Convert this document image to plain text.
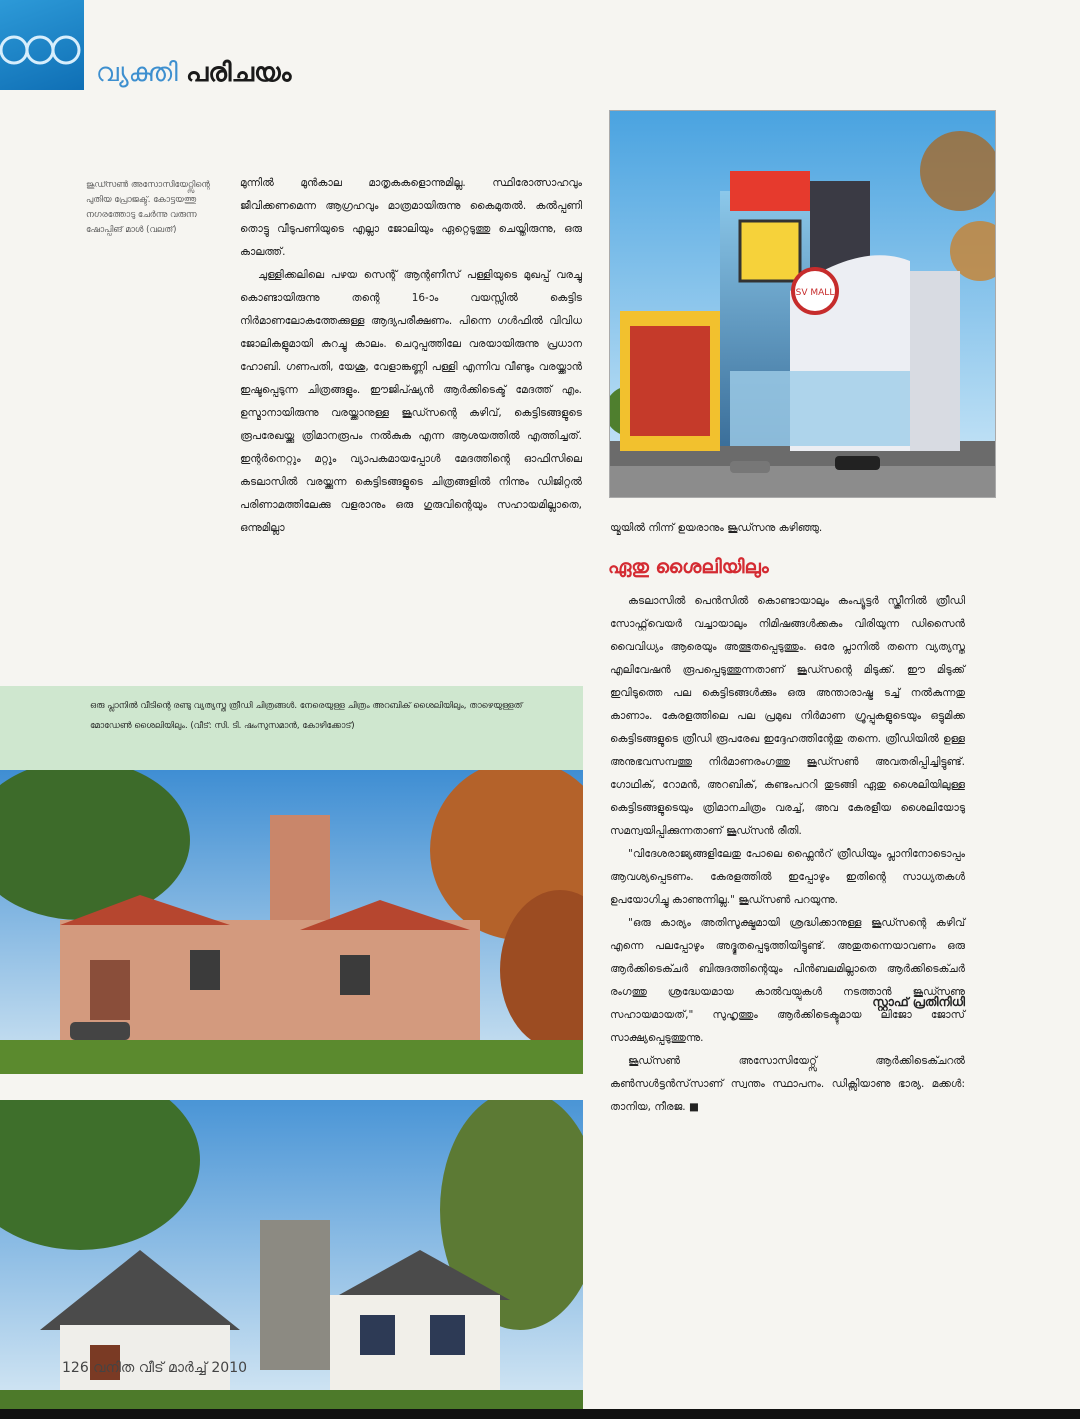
വ്യക്തി പരിചയം
ജൂഡ്സൺ അസോസിയേറ്റ്സിന്റെ പുതിയ പ്രോജക്ട്. കോട്ടയത്തു നഗരത്തോടു ചേർന്നു വരുന്ന ഷോപ്പിങ് മാൾ (വലത്)

മുന്നിൽ മുൻകാല മാതൃകകളൊന്നുമില്ല. സ്ഥിരോത്സാഹവും ജീവിക്കണമെന്ന ആഗ്രഹവും മാത്രമായിരുന്നു കൈമുതൽ. കൽപ്പണി തൊട്ടു വീടുപണിയുടെ എല്ലാ ജോലിയും ഏറ്റെടുത്തു ചെയ്തിരുന്നു, ഒരു കാലത്ത്.

ചുള്ളിക്കലിലെ പഴയ സെന്റ് ആന്റണീസ് പള്ളിയുടെ മുഖപ്പ് വരച്ചു കൊണ്ടായിരുന്നു തന്റെ 16-ാം വയസ്സിൽ കെട്ടിട നിർമാണലോകത്തേക്കുള്ള ആദ്യപരീക്ഷണം. പിന്നെ ഗൾഫിൽ വിവിധ ജോലികളുമായി കുറച്ചു കാലം. ചെറുപ്പത്തിലേ വരയായിരുന്നു പ്രധാന ഹോബി. ഗണപതി, യേശു, വേളാങ്കണ്ണി പള്ളി എന്നിവ വീണ്ടും വരയ്ക്കാൻ ഇഷ്ടപ്പെടുന്ന ചിത്രങ്ങളും. ഈജിപ്ഷ്യൻ ആർക്കിടെക്ട് മേദത്ത് എം. ഉസ്മാനായിരുന്നു വരയ്ക്കാനുള്ള ജൂഡ്സന്റെ കഴിവ്, കെട്ടിടങ്ങളുടെ രൂപരേഖയ്ക്കു ത്രിമാനരൂപം നൽകുക എന്ന ആശയത്തിൽ എത്തിച്ചത്. ഇന്റർനെറ്റും മറ്റും വ്യാപകമായപ്പോൾ മേദത്തിന്റെ ഓഫിസിലെ കടലാസിൽ വരയ്ക്കുന്ന കെട്ടിടങ്ങളുടെ ചിത്രങ്ങളിൽ നിന്നും ഡിജിറ്റൽ പരിണാമത്തിലേക്കു വളരാനും ഒരു ഗുരുവിന്റെയും സഹായമില്ലാതെ, ഒന്നുമില്ലാ

SV MALL

യ്മയിൽ നിന്ന് ഉയരാനും ജൂഡ്സനു കഴിഞ്ഞു.

ഏതു ശൈലിയിലും

കടലാസിൽ പെൻസിൽ കൊണ്ടായാലും കംപ്യൂട്ടർ സ്ക്രീനിൽ ത്രീഡി സോഫ്റ്റ്‌വെയർ വച്ചായാലും നിമിഷങ്ങൾക്കകം വിരിയുന്ന ഡിസൈൻ വൈവിധ്യം ആരെയും അത്ഭുതപ്പെടുത്തും. ഒരേ പ്ലാനിൽ തന്നെ വ്യത്യസ്ത എലിവേഷൻ രൂപപ്പെടുത്തുന്നതാണ് ജൂഡ്സന്റെ മിടുക്ക്. ഈ മിടുക്ക് ഇവിടുത്തെ പല കെട്ടിടങ്ങൾക്കും ഒരു അന്താരാഷ്ട്ര ടച്ച് നൽകുന്നതു കാണാം. കേരളത്തിലെ പല പ്രമുഖ നിർമാണ ഗ്രൂപ്പുകളുടെയും ഒട്ടുമിക്ക കെട്ടിടങ്ങളുടെ ത്രീഡി രൂപരേഖ ഇദ്ദേഹത്തിന്റേതു തന്നെ. ത്രീഡിയിൽ ഉള്ള അനുഭവസമ്പത്തു നിർമാണരംഗത്തു ജൂഡ്സൺ അവതരിപ്പിച്ചിട്ടുണ്ട്. ഗോഥിക്, റോമൻ, അറബിക്, കണ്ടംപററി തുടങ്ങി ഏതു ശൈലിയിലുള്ള കെട്ടിടങ്ങളുടെയും ത്രിമാനചിത്രം വരച്ച്, അവ കേരളീയ ശൈലിയോടു സമന്വയിപ്പിക്കുന്നതാണ് ജൂഡ്സൻ രീതി.

"വിദേശരാജ്യങ്ങളിലേതു പോലെ ഫ്ലൈൻറ് ത്രീഡിയും പ്ലാനിനോടൊപ്പം ആവശ്യപ്പെടണം. കേരളത്തിൽ ഇപ്പോഴും ഇതിന്റെ സാധ്യതകൾ ഉപയോഗിച്ചു കാണുന്നില്ല." ജൂഡ്സൺ പറയുന്നു.

"ഒരു കാര്യം അതിസൂക്ഷ്മമായി ശ്രദ്ധിക്കാനുള്ള ജൂഡ്സന്റെ കഴിവ് എന്നെ പലപ്പോഴും അദ്ഭുതപ്പെടുത്തിയിട്ടുണ്ട്. അതുതന്നെയാവണം ഒരു ആർക്കിടെക്ചർ ബിരുദത്തിന്റെയും പിൻബലമില്ലാതെ ആർക്കിടെക്ചർ രംഗത്തു ശ്രദ്ധേയമായ കാൽവയ്പുകൾ നടത്താൻ ജൂഡ്സണു സഹായമായത്," സുഹൃത്തും ആർക്കിടെക്ടുമായ ലിജോ ജോസ് സാക്ഷ്യപ്പെടുത്തുന്നു.

ജൂഡ്സൺ അസോസിയേറ്റ്സ് ആർക്കിടെക്ചറൽ കൺസൾട്ടൻസ്‌സാണ് സ്വന്തം സ്ഥാപനം. ഡിക്സിയാണു ഭാര്യ. മക്കൾ: താനിയ, നീരജ. ■

സ്റ്റാഫ് പ്രതിനിധി
ഒരു പ്ലാനിൽ വീടിന്റെ രണ്ടു വ്യത്യസ്ത ത്രീഡി ചിത്രങ്ങൾ. നേരെയുള്ള ചിത്രം അറബിക് ശൈലിയിലും, താഴെയുള്ളത് മോഡേൺ ശൈലിയിലും. (വീട്: സി. ടി. ഷംസുസമാൻ, കോഴിക്കോട്)
126 വനിത വീട് മാർച്ച് 2010
